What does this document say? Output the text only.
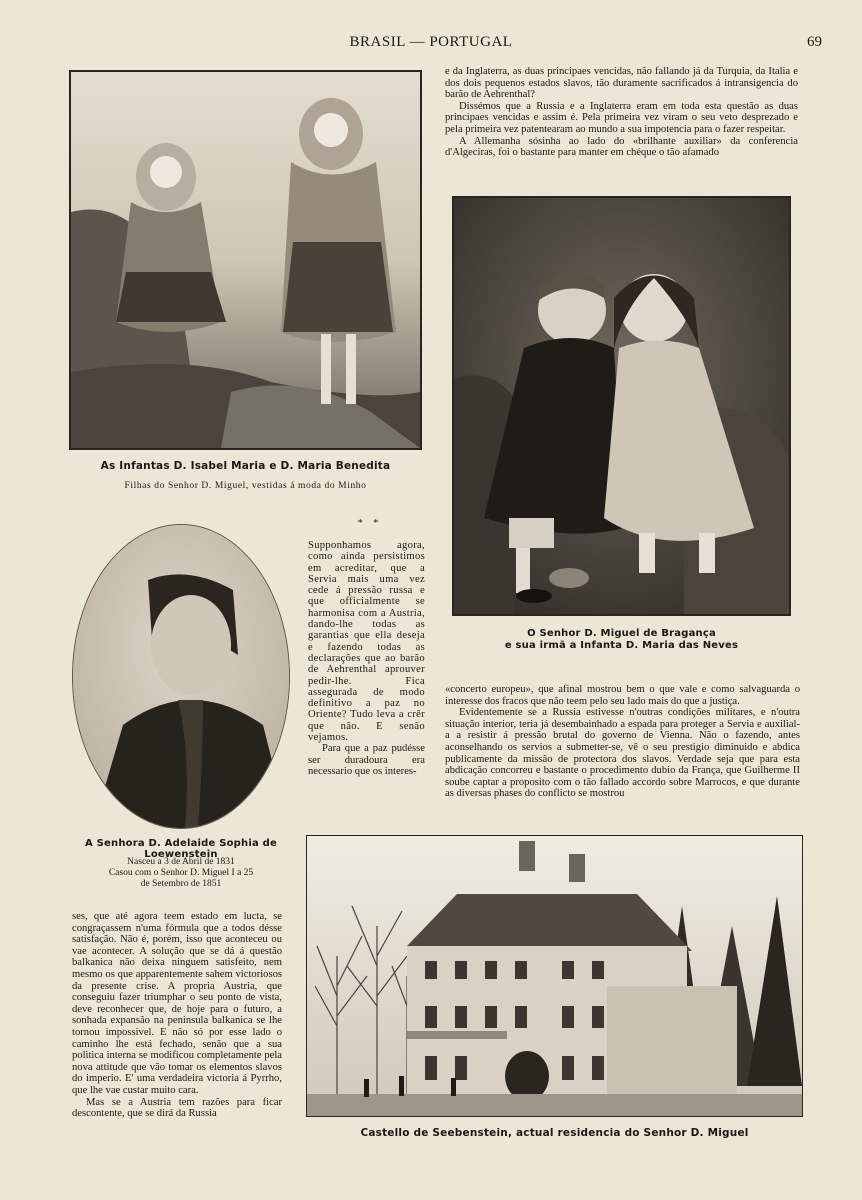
BRASIL — PORTUGAL	69
As Infantas D. Isabel Maria e D. Maria Benedita
Filhas do Senhor D. Miguel, vestidas á moda do Minho

e da Inglaterra, as duas principaes vencidas, não fallando já da Turquia, da Italia e dos dois pequenos estados slavos, tão duramente sacrificados á intransigencia do barão de Aehrenthal?

Dissémos que a Russia e a Inglaterra eram em toda esta questão as duas principaes vencidas e assim é. Pela primeira vez viram o seu veto desprezado e pela primeira vez patentearam ao mundo a sua impotencia para o fazer respeitar.

A Allemanha sósinha ao lado do «brilhante auxiliar» da conferencia d'Algeciras, foi o bastante para manter em chéque o tão afamado

O Senhor D. Miguel de Bragança
e sua irmã a Infanta D. Maria das Neves
A Senhora D. Adelaide Sophia de Loewenstein
Nasceu a 3 de Abril de 1831
Casou com o Senhor D. Miguel I a 25
de Setembro de 1851
* *

Supponhamos agora, como ainda persistimos em acreditar, que a Servia mais uma vez cede á pressão russa e que officialmente se harmonisa com a Austria, dando-lhe todas as garantias que ella deseja e fazendo todas as declarações que ao barão de Aehrenthal aprouver pedir-lhe. Fica assegurada de modo definitivo a paz no Oriente? Tudo leva a crêr que não. E senão vejamos.

Para que a paz pudésse ser duradoura era necessario que os interes-

«concerto europeu», que afinal mostrou bem o que vale e como salvaguarda o interesse dos fracos que não teem pelo seu lado mais do que a justiça.

Evidentemente se a Russia estivesse n'outras condições militares, e n'outra situação interior, teria já desembainhado a espada para proteger a Servia e auxilial-a a resistir á pressão brutal do governo de Vienna. Não o fazendo, antes aconselhando os servios a submetter-se, vê o seu prestigio diminuido e abdica publicamente da missão de protectora dos slavos. Verdade seja que para esta abdicação concorreu e bastante o procedimento dubio da França, que Guilherme II soube captar a proposito com o tão fallado accordo sobre Marrocos, e que durante as diversas phases do conflicto se mostrou

ses, que até agora teem estado em lucta, se congraçassem n'uma fórmula que a todos désse satisfação. Não é, porém, isso que aconteceu ou vae acontecer. A solução que se dá á questão balkanica não deixa ninguem satisfeito, nem mesmo os que apparentemente sahem victoriosos da presente crise. A propria Austria, que conseguiu fazer triumphar o seu ponto de vista, deve reconhecer que, de hoje para o futuro, a sonhada expansão na peninsula balkanica se lhe tornou impossivel. E não só por esse lado o caminho lhe está fechado, senão que a sua politica interna se modificou completamente pela nova attitude que vão tomar os elementos slavos do imperio. E' uma verdadeira victoria á Pyrrho, que lhe vae custar muito cara.

Mas se a Austria tem razões para ficar descontente, que se dirá da Russia

Castello de Seebenstein, actual residencia do Senhor D. Miguel
